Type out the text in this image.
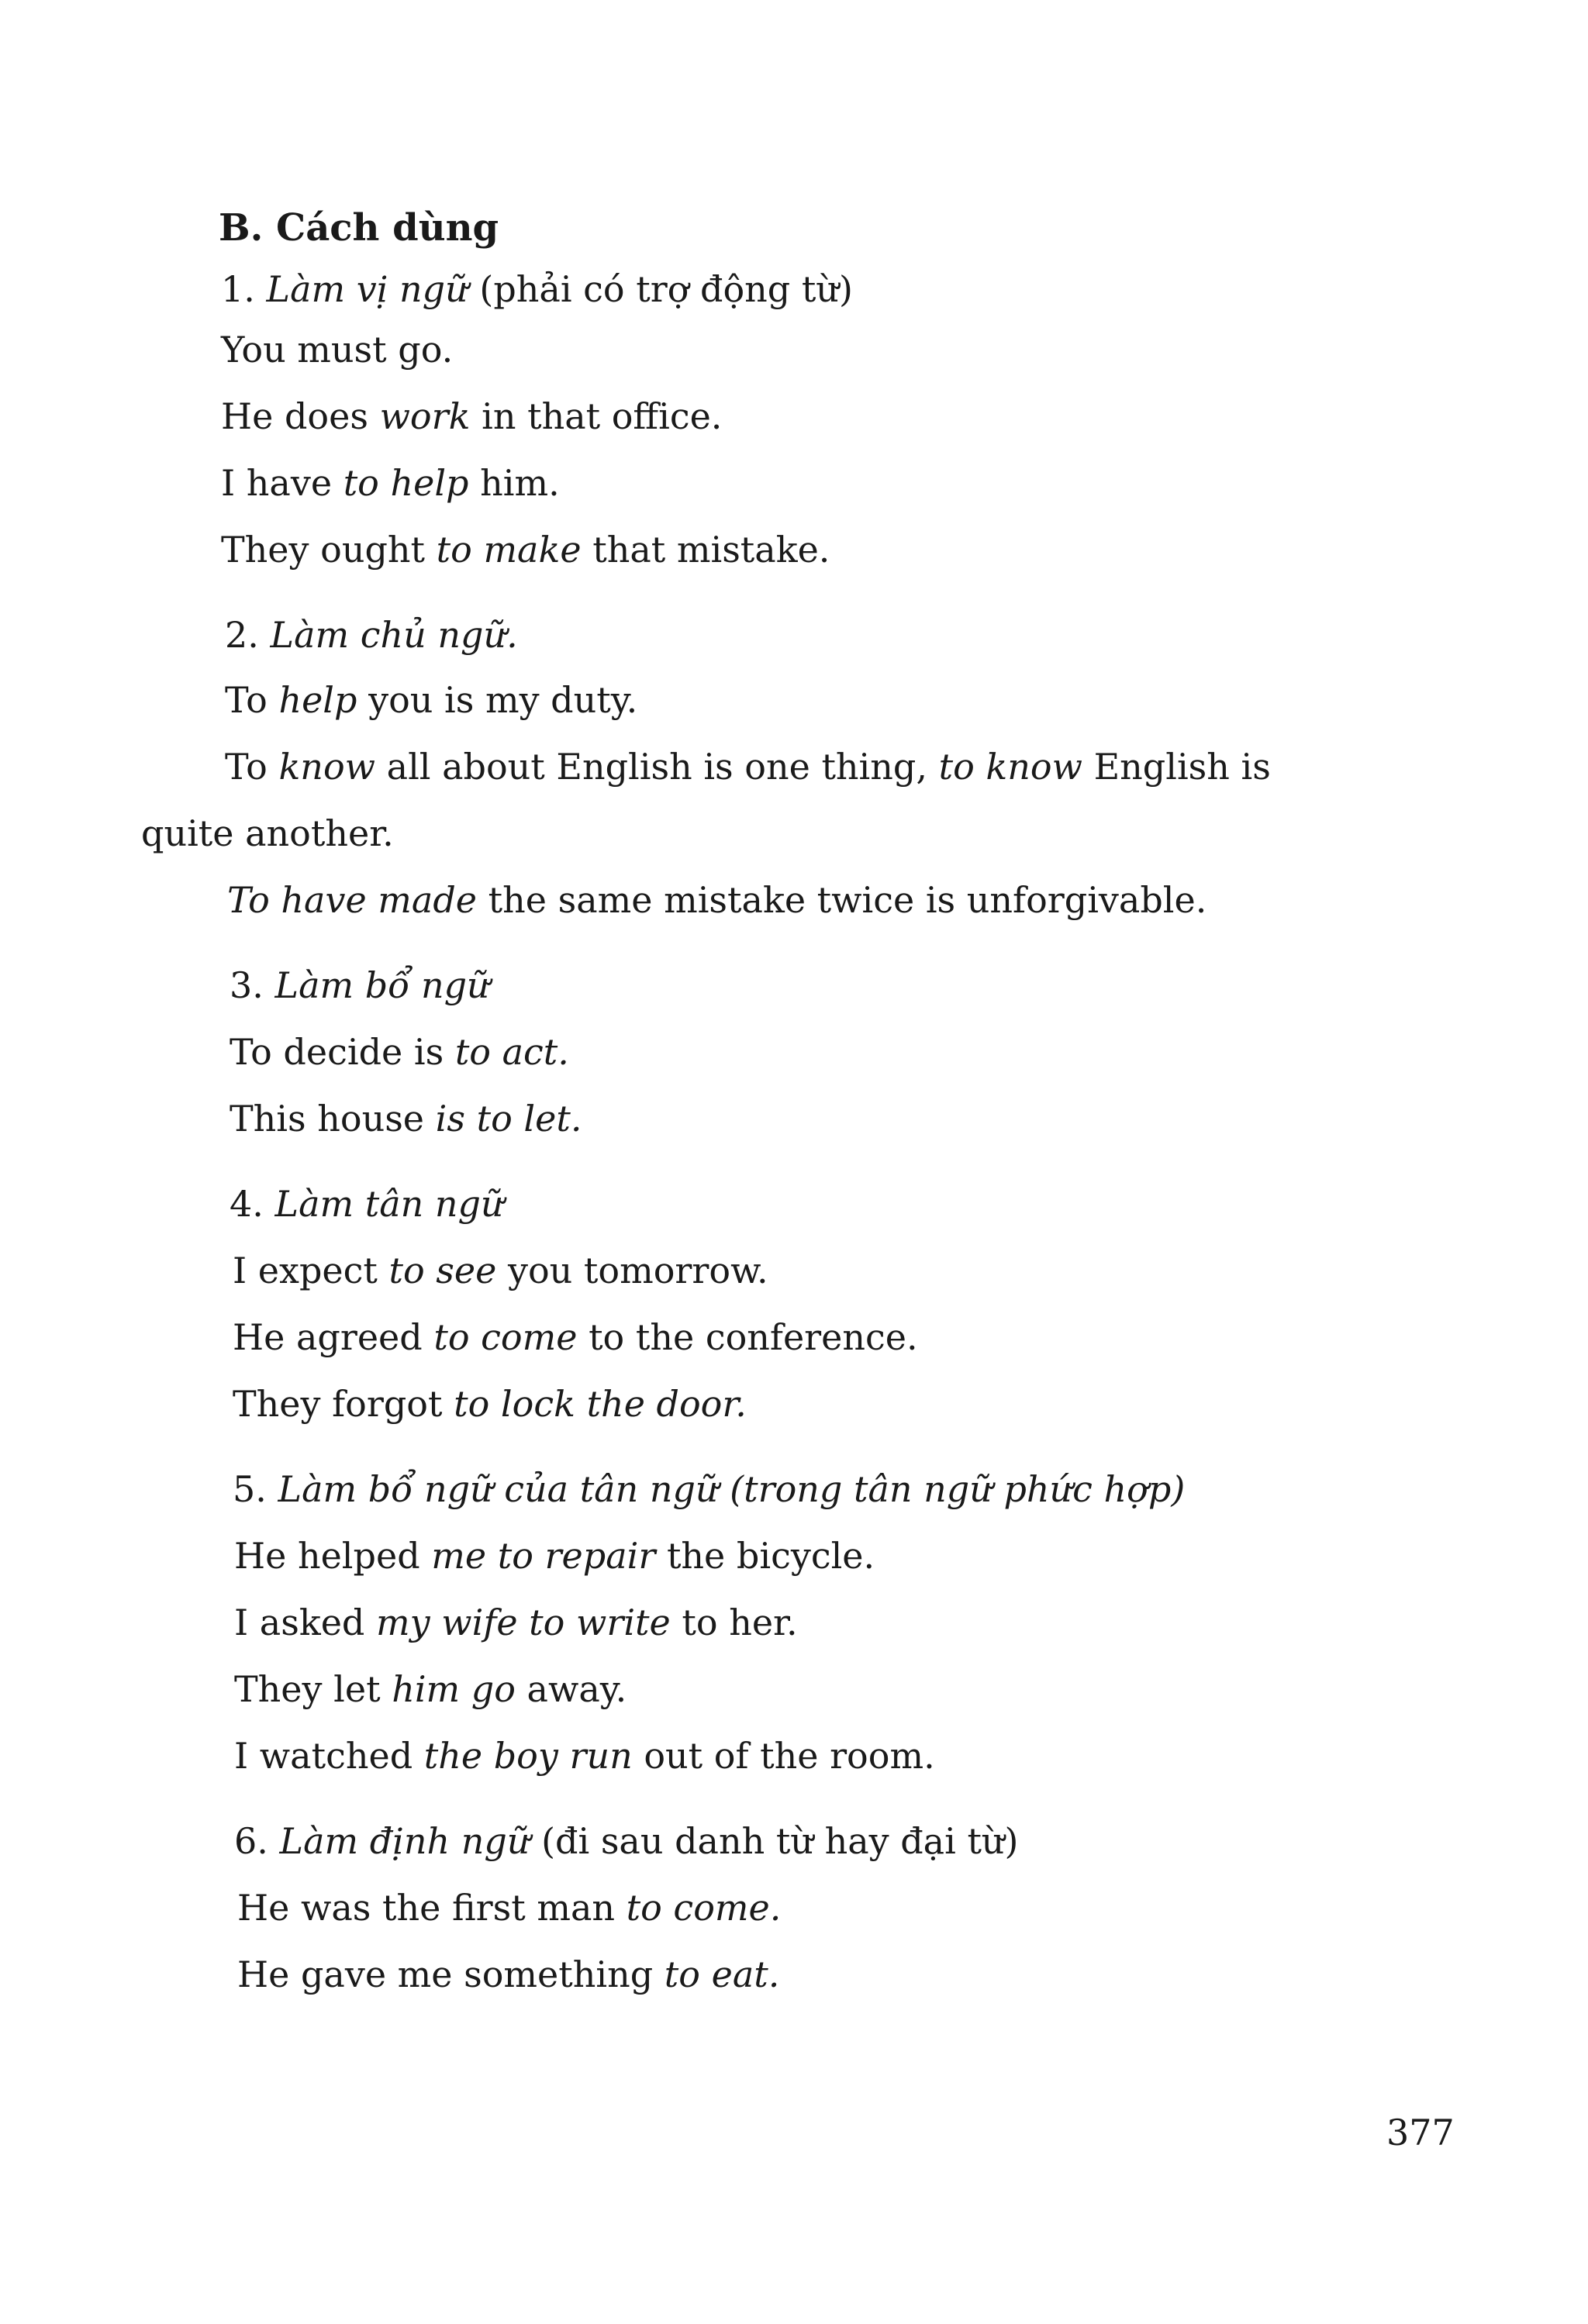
B. Cách dùng
1. Làm vị ngữ (phải có trợ động từ)
You must go.
He does work in that office.
I have to help him.
They ought to make that mistake.
2. Làm chủ ngữ.
To help you is my duty.
To know all about English is one thing, to know English is
quite another.
To have made the same mistake twice is unforgivable.
3. Làm bổ ngữ
To decide is to act.
This house is to let.
4. Làm tân ngữ
I expect to see you tomorrow.
He agreed to come to the conference.
They forgot to lock the door.
5. Làm bổ ngữ của tân ngữ (trong tân ngữ phức hợp)
He helped me to repair the bicycle.
I asked my wife to write to her.
They let him go away.
I watched the boy run out of the room.
6. Làm định ngữ (đi sau danh từ hay đại từ)
He was the first man to come.
He gave me something to eat.
377
